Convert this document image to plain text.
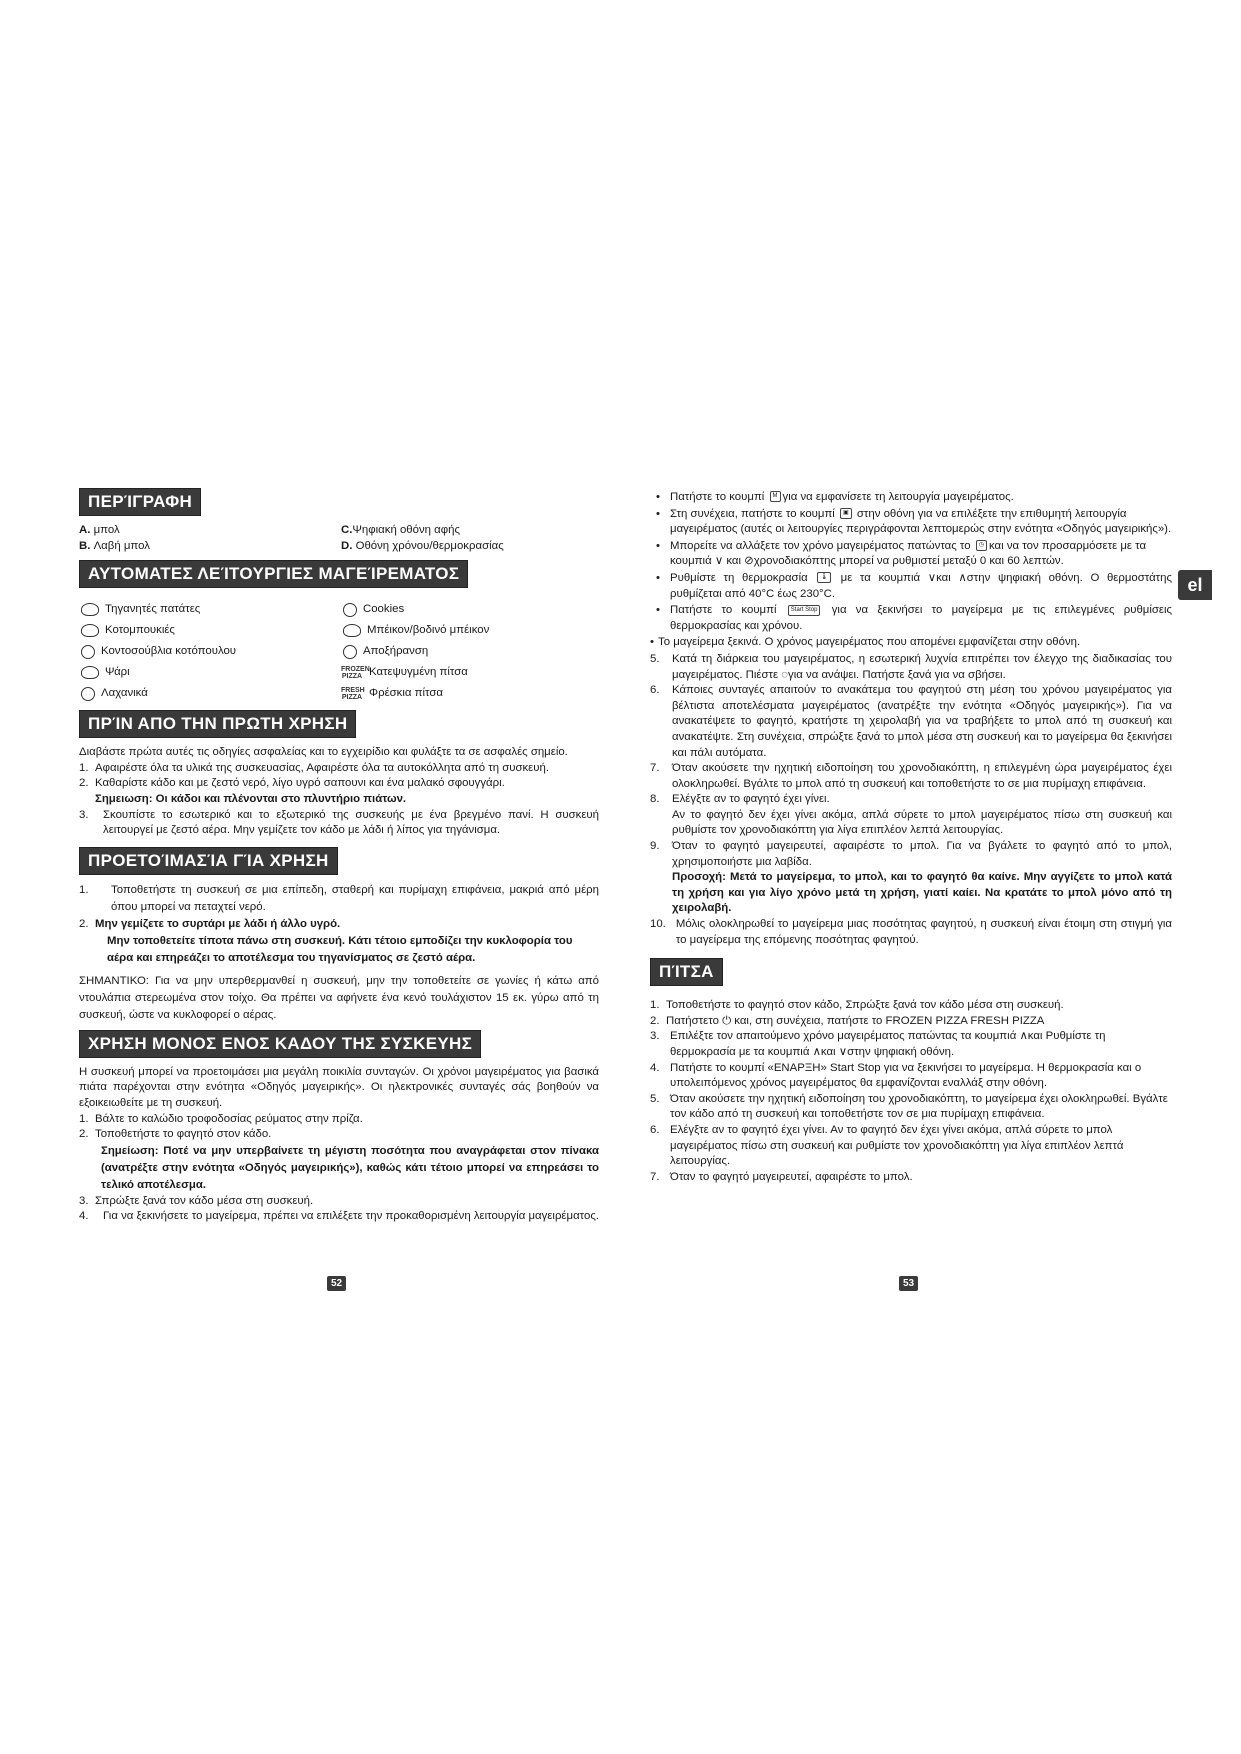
ΠΕΡΊΓΡΑΦΗ
A. μπολ	C.Ψηφιακή οθόνη αφής
B. Λαβή μπολ	D. Οθόνη χρόνου/θερμοκρασίας
ΑΥΤΟΜΑΤΕΣ ΛΕΊΤΟΥΡΓΙΕΣ ΜΑΓΕΊΡΕΜΑΤΟΣ
Τηγανητές πατάτες	Cookies
Κοτομπουκιές	Μπέικον/βοδινό μπέικον
Κοντοσούβλια κοτόπουλου	Αποξήρανση
Ψάρι	FROZEN PIZZA Κατεψυγμένη πίτσα
Λαχανικά	FRESH PIZZA Φρέσκια πίτσα
ΠΡΊΝ ΑΠΟ ΤΗΝ ΠΡΩΤΗ ΧΡΗΣΗ
Διαβάστε πρώτα αυτές τις οδηγίες ασφαλείας και το εγχειρίδιο και φυλάξτε τα σε ασφαλές σημείο.
1. Αφαιρέστε όλα τα υλικά της συσκευασίας, Αφαιρέστε όλα τα αυτοκόλλητα από τη συσκευή.
2. Καθαρίστε κάδο και με ζεστό νερό, λίγο υγρό σαπουνι και ένα μαλακό σφουγγάρι.
Σημειωση: Οι κάδοι και πλένονται στο πλυντήριο πιάτων.
3.	Σκουπίστε το εσωτερικό και το εξωτερικό της συσκευής με ένα βρεγμένο πανί. Η συσκευή λειτουργεί με ζεστό αέρα. Μην γεμίζετε τον κάδο με λάδι ή λίπος για τηγάνισμα.
ΠΡΟΕΤΟΊΜΑΣΊΑ ΓΊΑ ΧΡΗΣΗ
1.	Τοποθετήστε τη συσκευή σε μια επίπεδη, σταθερή και πυρίμαχη επιφάνεια, μακριά από μέρη όπου μπορεί να πεταχτεί νερό.
2. Μην γεμίζετε το συρτάρι με λάδι ή άλλο υγρό.

Μην τοποθετείτε τίποτα πάνω στη συσκευή. Κάτι τέτοιο εμποδίζει την κυκλοφορία του αέρα και επηρεάζει το αποτέλεσμα του τηγανίσματος σε ζεστό αέρα.
ΣΗΜΑΝΤΙΚΟ: Για να μην υπερθερμανθεί η συσκευή, μην την τοποθετείτε σε γωνίες ή κάτω από ντουλάπια στερεωμένα στον τοίχο. Θα πρέπει να αφήνετε ένα κενό τουλάχιστον 15 εκ. γύρω από τη συσκευή, ώστε να κυκλοφορεί ο αέρας.
ΧΡΗΣΗ ΜΟΝΟΣ ΕΝΟΣ ΚΑΔΟΥ ΤΗΣ ΣΥΣΚΕΥΗΣ
Η συσκευή μπορεί να προετοιμάσει μια μεγάλη ποικιλία συνταγών. Οι χρόνοι μαγειρέματος για βασικά πιάτα παρέχονται στην ενότητα «Οδηγός μαγειρικής». Οι ηλεκτρονικές συνταγές σάς βοηθούν να εξοικειωθείτε με τη συσκευή.
1. Βάλτε το καλώδιο τροφοδοσίας ρεύματος στην πρίζα.
2. Τοποθετήστε το φαγητό στον κάδο.

Σημείωση: Ποτέ να μην υπερβαίνετε τη μέγιστη ποσότητα που αναγράφεται στον πίνακα (ανατρέξτε στην ενότητα «Οδηγός μαγειρικής»), καθώς κάτι τέτοιο μπορεί να επηρεάσει το τελικό αποτέλεσμα.
3. Σπρώξτε ξανά τον κάδο μέσα στη συσκευή.
4.	Για να ξεκινήσετε το μαγείρεμα, πρέπει να επιλέξετε την προκαθορισμένη λειτουργία μαγειρέματος.
52
• Πατήστε το κουμπί M για να εμφανίσετε τη λειτουργία μαγειρέματος.
• Στη συνέχεια, πατήστε το κουμπί ▣ στην οθόνη για να επιλέξετε την επιθυμητή λειτουργία μαγειρέματος (αυτές οι λειτουργίες περιγράφονται λεπτομερώς στην ενότητα «Οδηγός μαγειρικής»).
• Μπορείτε να αλλάξετε τον χρόνο μαγειρέματος πατώντας το ◷ και να τον προσαρμόσετε με τα κουμπιά ∨ και ⊘χρονοδιακόπτης μπορεί να ρυθμιστεί μεταξύ 0 και 60 λεπτών.
• Ρυθμίστε τη θερμοκρασία 🌡 με τα κουμπιά ∨και ∧στην ψηφιακή οθόνη. Ο θερμοστάτης ρυθμίζεται από 40°C έως 230°C.
• Πατήστε το κουμπί Start Stop για να ξεκινήσει το μαγείρεμα με τις επιλεγμένες ρυθμίσεις θερμοκρασίας και χρόνου.
• Το μαγείρεμα ξεκινά. Ο χρόνος μαγειρέματος που απομένει εμφανίζεται στην οθόνη.
5.	Κατά τη διάρκεια του μαγειρέματος, η εσωτερική λυχνία επιτρέπει τον έλεγχο της διαδικασίας του μαγειρέματος. Πιέστε ◌για να ανάψει. Πατήστε ξανά για να σβήσει.
6.	Κάποιες συνταγές απαιτούν το ανακάτεμα του φαγητού στη μέση του χρόνου μαγειρέματος για βέλτιστα αποτελέσματα μαγειρέματος (ανατρέξτε την ενότητα «Οδηγός μαγειρικής»). Για να ανακατέψετε το φαγητό, κρατήστε τη χειρολαβή για να τραβήξετε το μπολ από τη συσκευή και ανακατέψτε. Στη συνέχεια, σπρώξτε ξανά το μπολ μέσα στη συσκευή και το μαγείρεμα θα ξεκινήσει και πάλι αυτόματα.
7.	Όταν ακούσετε την ηχητική ειδοποίηση του χρονοδιακόπτη, η επιλεγμένη ώρα μαγειρέματος έχει ολοκληρωθεί. Βγάλτε το μπολ από τη συσκευή και τοποθετήστε το σε μια πυρίμαχη επιφάνεια.
8.	Ελέγξτε αν το φαγητό έχει γίνει.
Αν το φαγητό δεν έχει γίνει ακόμα, απλά σύρετε το μπολ μαγειρέματος πίσω στη συσκευή και ρυθμίστε τον χρονοδιακόπτη για λίγα επιπλέον λεπτά λειτουργίας.
9.	Όταν το φαγητό μαγειρευτεί, αφαιρέστε το μπολ. Για να βγάλετε το φαγητό από το μπολ, χρησιμοποιήστε μια λαβίδα.
Προσοχή: Μετά το μαγείρεμα, το μπολ, και το φαγητό θα καίνε. Μην αγγίζετε το μπολ κατά τη χρήση και για λίγο χρόνο μετά τη χρήση, γιατί καίει. Να κρατάτε το μπολ μόνο από τη χειρολαβή.
10. Μόλις ολοκληρωθεί το μαγείρεμα μιας ποσότητας φαγητού, η συσκευή είναι έτοιμη στη στιγμή για το μαγείρεμα της επόμενης ποσότητας φαγητού.
ΠΊΤΣΑ
1. Τοποθετήστε το φαγητό στον κάδο, Σπρώξτε ξανά τον κάδο μέσα στη συσκευή.
2. Πατήστετο ⏻ και, στη συνέχεια, πατήστε το FROZEN PIZZA FRESH PIZZA
3. Επιλέξτε τον απαιτούμενο χρόνο μαγειρέματος πατώντας τα κουμπιά ∧και Ρυθμίστε τη θερμοκρασία με τα κουμπιά ∧και ∨στην ψηφιακή οθόνη.
4. Πατήστε το κουμπί «ΕΝΑΡΞΗ» Start Stop για να ξεκινήσει το μαγείρεμα. Η θερμοκρασία και ο υπολειπόμενος χρόνος μαγειρέματος θα εμφανίζονται εναλλάξ στην οθόνη.
5. Όταν ακούσετε την ηχητική ειδοποίηση του χρονοδιακόπτη, το μαγείρεμα έχει ολοκληρωθεί. Βγάλτε τον κάδο από τη συσκευή και τοποθετήστε τον σε μια πυρίμαχη επιφάνεια.
6. Ελέγξτε αν το φαγητό έχει γίνει. Αν το φαγητό δεν έχει γίνει ακόμα, απλά σύρετε το μπολ μαγειρέματος πίσω στη συσκευή και ρυθμίστε τον χρονοδιακόπτη για λίγα επιπλέον λεπτά λειτουργίας.
7. Όταν το φαγητό μαγειρευτεί, αφαιρέστε το μπολ.
53
el
